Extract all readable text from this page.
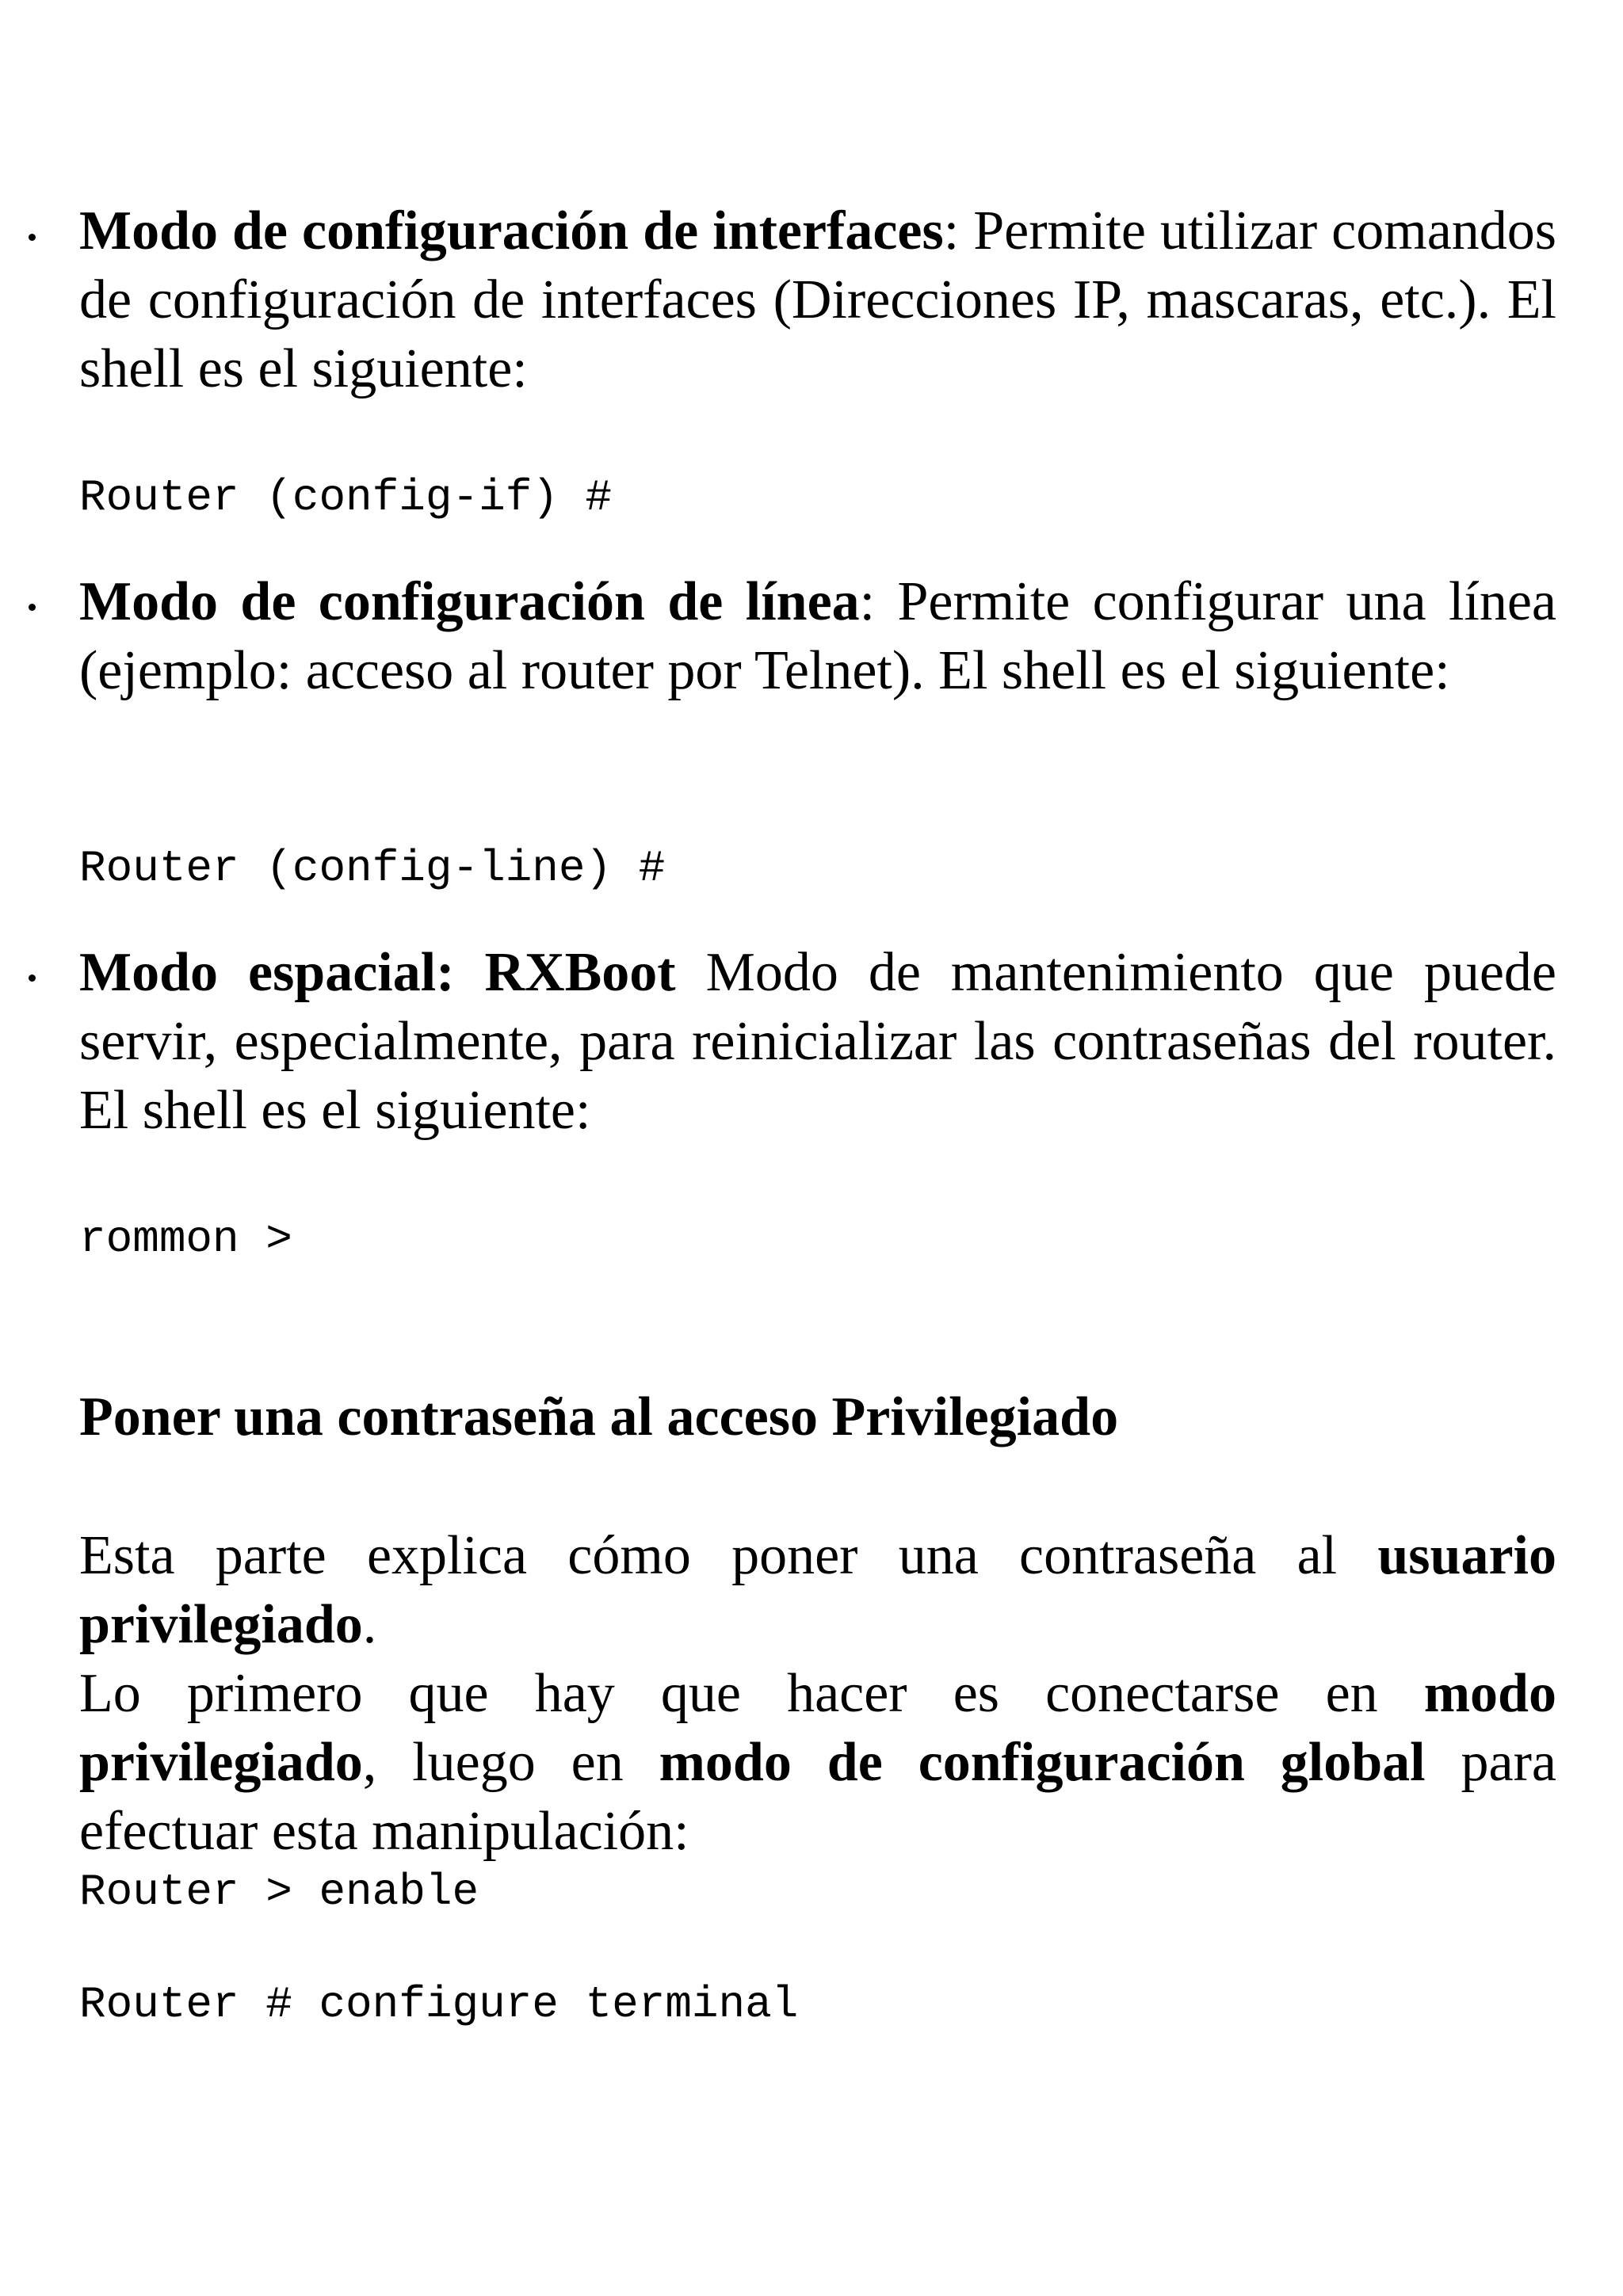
Modo de configuración de interfaces: Permite utilizar comandos de configuración de interfaces (Direcciones IP, mascaras, etc.). El shell es el siguiente:

Router (config-if) #

Modo de configuración de línea: Permite configurar una línea (ejemplo: acceso al router por Telnet). El shell es el siguiente:

Router (config-line) #

Modo espacial: RXBoot Modo de mantenimiento que puede servir, especialmente, para reinicializar las contraseñas del router. El shell es el siguiente:

rommon >
Poner una contraseña al acceso Privilegiado

Esta parte explica cómo poner una contraseña al usuario privilegiado.

Lo primero que hay que hacer es conectarse en modo privilegiado, luego en modo de configuración global para efectuar esta manipulación:

Router > enable
Router # configure terminal
